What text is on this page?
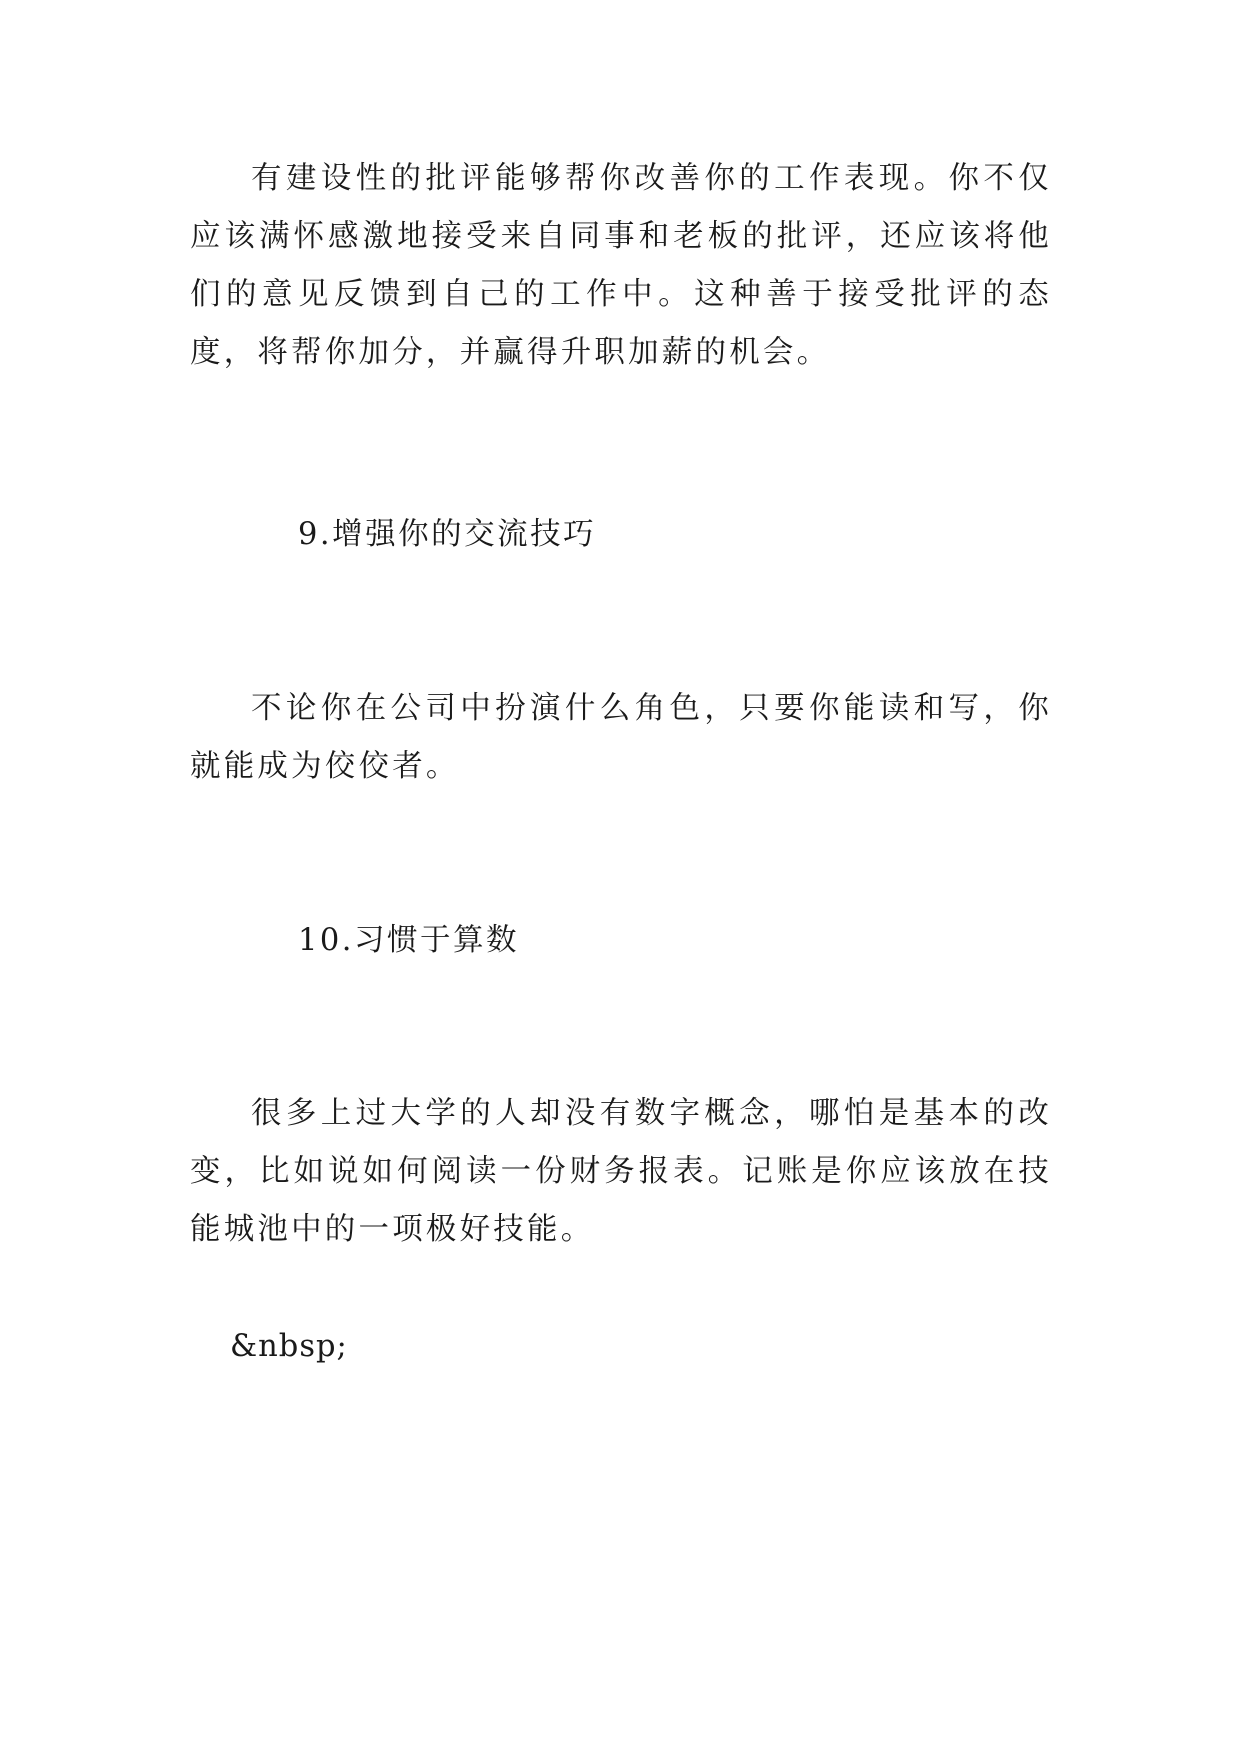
有建设性的批评能够帮你改善你的工作表现。你不仅应该满怀感激地接受来自同事和老板的批评，还应该将他们的意见反馈到自己的工作中。这种善于接受批评的态度，将帮你加分，并赢得升职加薪的机会。

9.增强你的交流技巧

不论你在公司中扮演什么角色，只要你能读和写，你就能成为佼佼者。

10.习惯于算数

很多上过大学的人却没有数字概念，哪怕是基本的改变，比如说如何阅读一份财务报表。记账是你应该放在技能城池中的一项极好技能。

&nbsp;
